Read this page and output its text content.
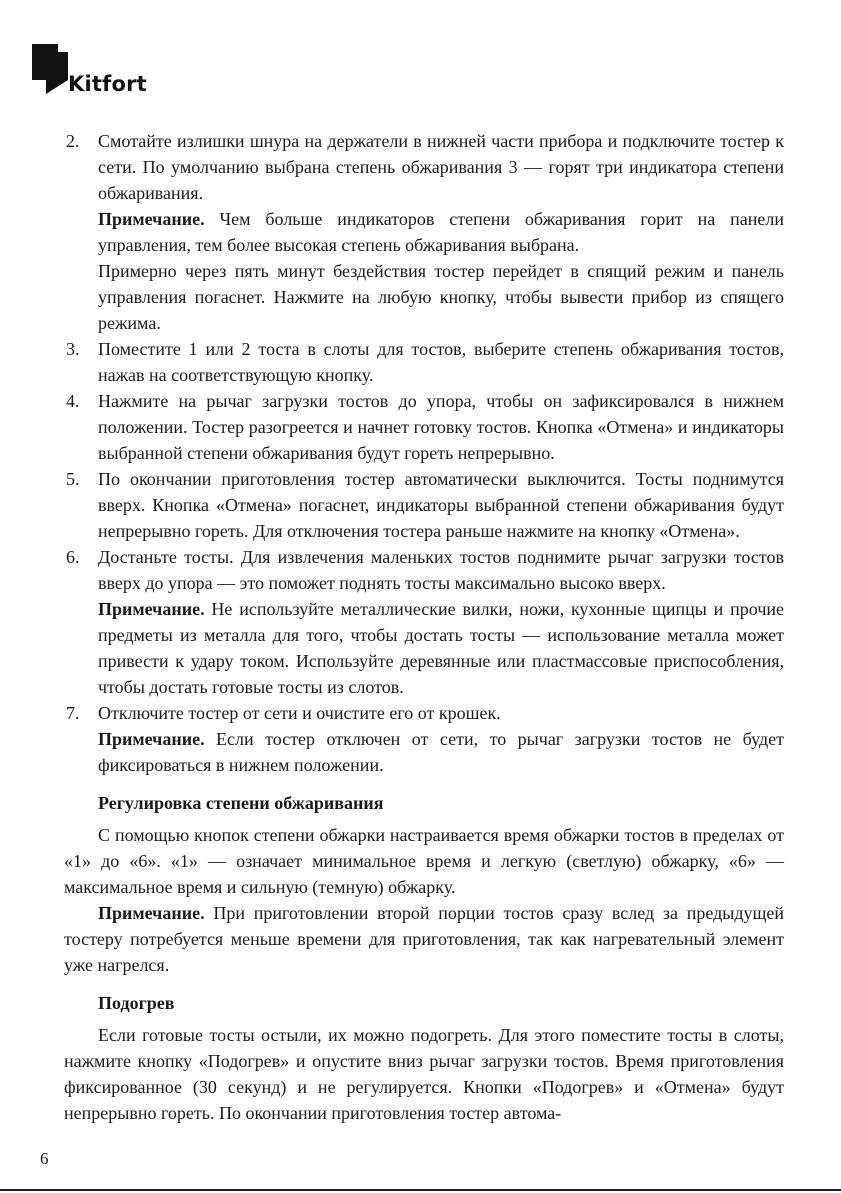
Kitfort
2. Смотайте излишки шнура на держатели в нижней части прибора и подключите тостер к сети. По умолчанию выбрана степень обжаривания 3 — горят три индикатора степени обжаривания.

Примечание. Чем больше индикаторов степени обжаривания горит на панели управления, тем более высокая степень обжаривания выбрана.

Примерно через пять минут бездействия тостер перейдет в спящий режим и панель управления погаснет. Нажмите на любую кнопку, чтобы вывести прибор из спящего режима.

3. Поместите 1 или 2 тоста в слоты для тостов, выберите степень обжаривания тостов, нажав на соответствующую кнопку.

4. Нажмите на рычаг загрузки тостов до упора, чтобы он зафиксировался в нижнем положении. Тостер разогреется и начнет готовку тостов. Кнопка «Отмена» и индикаторы выбранной степени обжаривания будут гореть непрерывно.

5. По окончании приготовления тостер автоматически выключится. Тосты поднимутся вверх. Кнопка «Отмена» погаснет, индикаторы выбранной степени обжаривания будут непрерывно гореть. Для отключения тостера раньше нажмите на кнопку «Отмена».

6. Достаньте тосты. Для извлечения маленьких тостов поднимите рычаг загрузки тостов вверх до упора — это поможет поднять тосты максимально высоко вверх.

Примечание. Не используйте металлические вилки, ножи, кухонные щипцы и прочие предметы из металла для того, чтобы достать тосты — использование металла может привести к удару током. Используйте деревянные или пластмассовые приспособления, чтобы достать готовые тосты из слотов.

7. Отключите тостер от сети и очистите его от крошек.

Примечание. Если тостер отключен от сети, то рычаг загрузки тостов не будет фиксироваться в нижнем положении.

Регулировка степени обжаривания

С помощью кнопок степени обжарки настраивается время обжарки тостов в пределах от «1» до «6». «1» — означает минимальное время и легкую (светлую) обжарку, «6» — максимальное время и сильную (темную) обжарку.

Примечание. При приготовлении второй порции тостов сразу вслед за предыдущей тостеру потребуется меньше времени для приготовления, так как нагревательный элемент уже нагрелся.

Подогрев

Если готовые тосты остыли, их можно подогреть. Для этого поместите тосты в слоты, нажмите кнопку «Подогрев» и опустите вниз рычаг загрузки тостов. Время приготовления фиксированное (30 секунд) и не регулируется. Кнопки «Подогрев» и «Отмена» будут непрерывно гореть. По окончании приготовления тостер автома-

6
